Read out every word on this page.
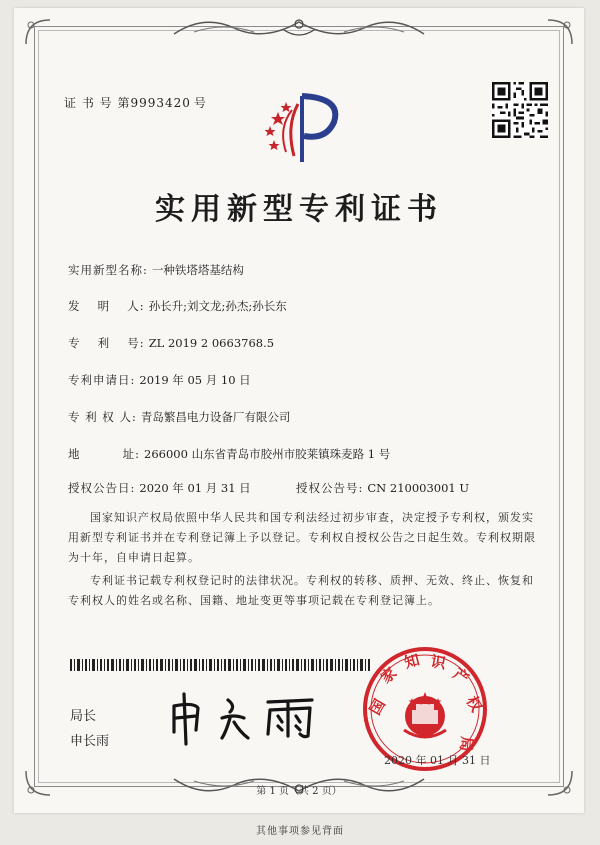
证 书 号 第9993420 号
实用新型专利证书
实用新型名称: 一种铁塔塔基结构
发　 明　 人: 孙长升;刘文龙;孙杰;孙长东
专　 利　 号: ZL 2019 2 0663768.5
专利申请日: 2019 年 05 月 10 日
专 利 权 人: 青岛繁昌电力设备厂有限公司
地　　　 址: 266000 山东省青岛市胶州市胶莱镇珠麦路 1 号
授权公告日: 2020 年 01 月 31 日	授权公告号: CN 210003001 U
国家知识产权局依照中华人民共和国专利法经过初步审查，决定授予专利权，颁发实用新型专利证书并在专利登记簿上予以登记。专利权自授权公告之日起生效。专利权期限为十年，自申请日起算。
专利证书记载专利权登记时的法律状况。专利权的转移、质押、无效、终止、恢复和专利权人的姓名或名称、国籍、地址变更等事项记载在专利登记簿上。
局长
申长雨
国
家
知 识
产
权
局
2020 年 01 月 31 日
第 1 页（共 2 页）
其他事项参见背面
